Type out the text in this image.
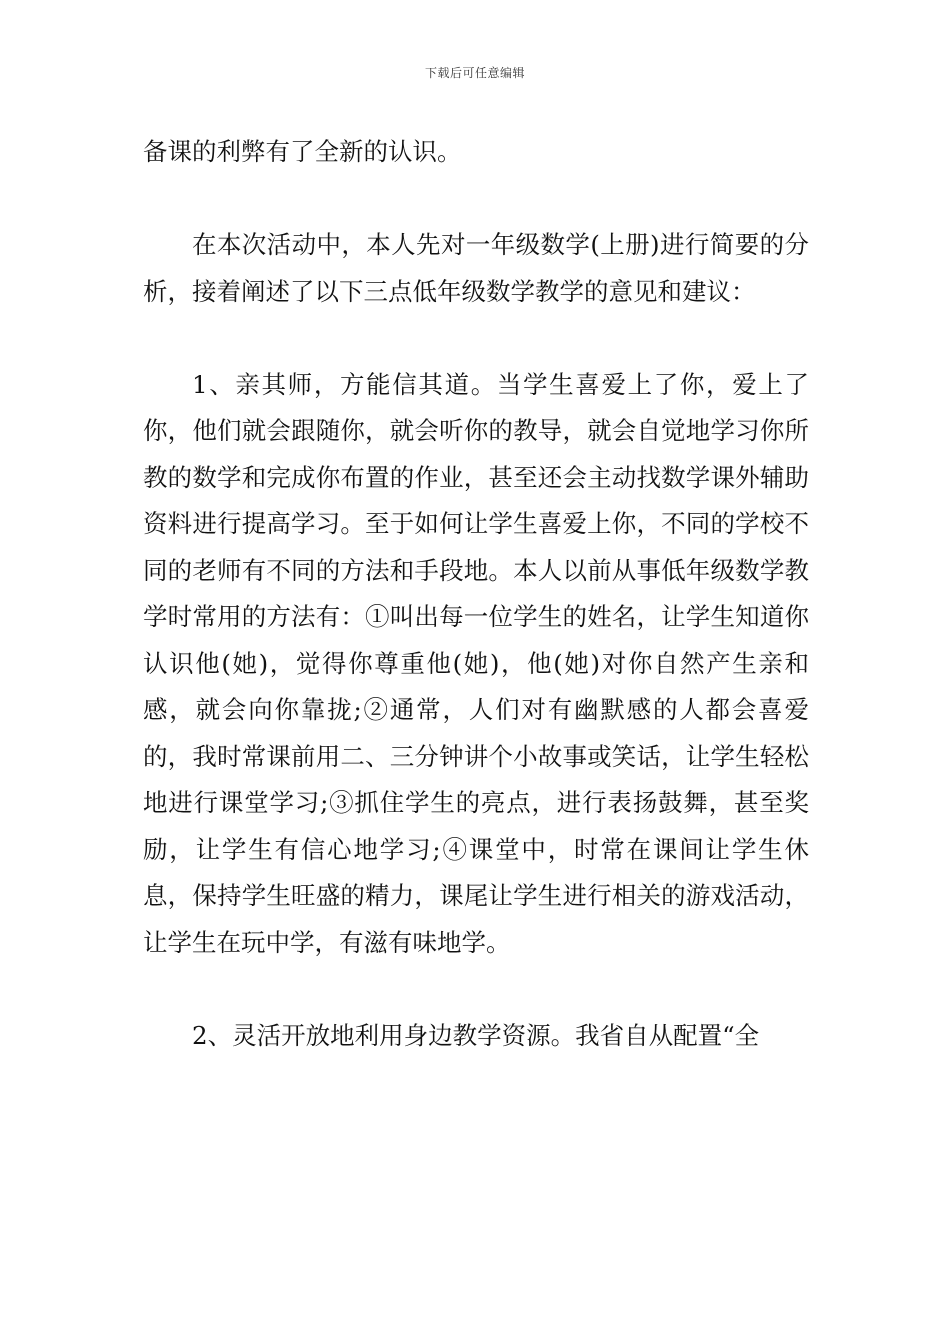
下载后可任意编辑

备课的利弊有了全新的认识。

在本次活动中，本人先对一年级数学(上册)进行简要的分析，接着阐述了以下三点低年级数学教学的意见和建议：

1、亲其师，方能信其道。当学生喜爱上了你，爱上了你，他们就会跟随你，就会听你的教导，就会自觉地学习你所教的数学和完成你布置的作业，甚至还会主动找数学课外辅助资料进行提高学习。至于如何让学生喜爱上你，不同的学校不同的老师有不同的方法和手段地。本人以前从事低年级数学教学时常用的方法有：①叫出每一位学生的姓名，让学生知道你认识他(她)，觉得你尊重他(她)，他(她)对你自然产生亲和感，就会向你靠拢;②通常，人们对有幽默感的人都会喜爱的，我时常课前用二、三分钟讲个小故事或笑话，让学生轻松地进行课堂学习;③抓住学生的亮点，进行表扬鼓舞，甚至奖励，让学生有信心地学习;④课堂中，时常在课间让学生休息，保持学生旺盛的精力，课尾让学生进行相关的游戏活动，让学生在玩中学，有滋有味地学。

2、灵活开放地利用身边教学资源。我省自从配置“全
